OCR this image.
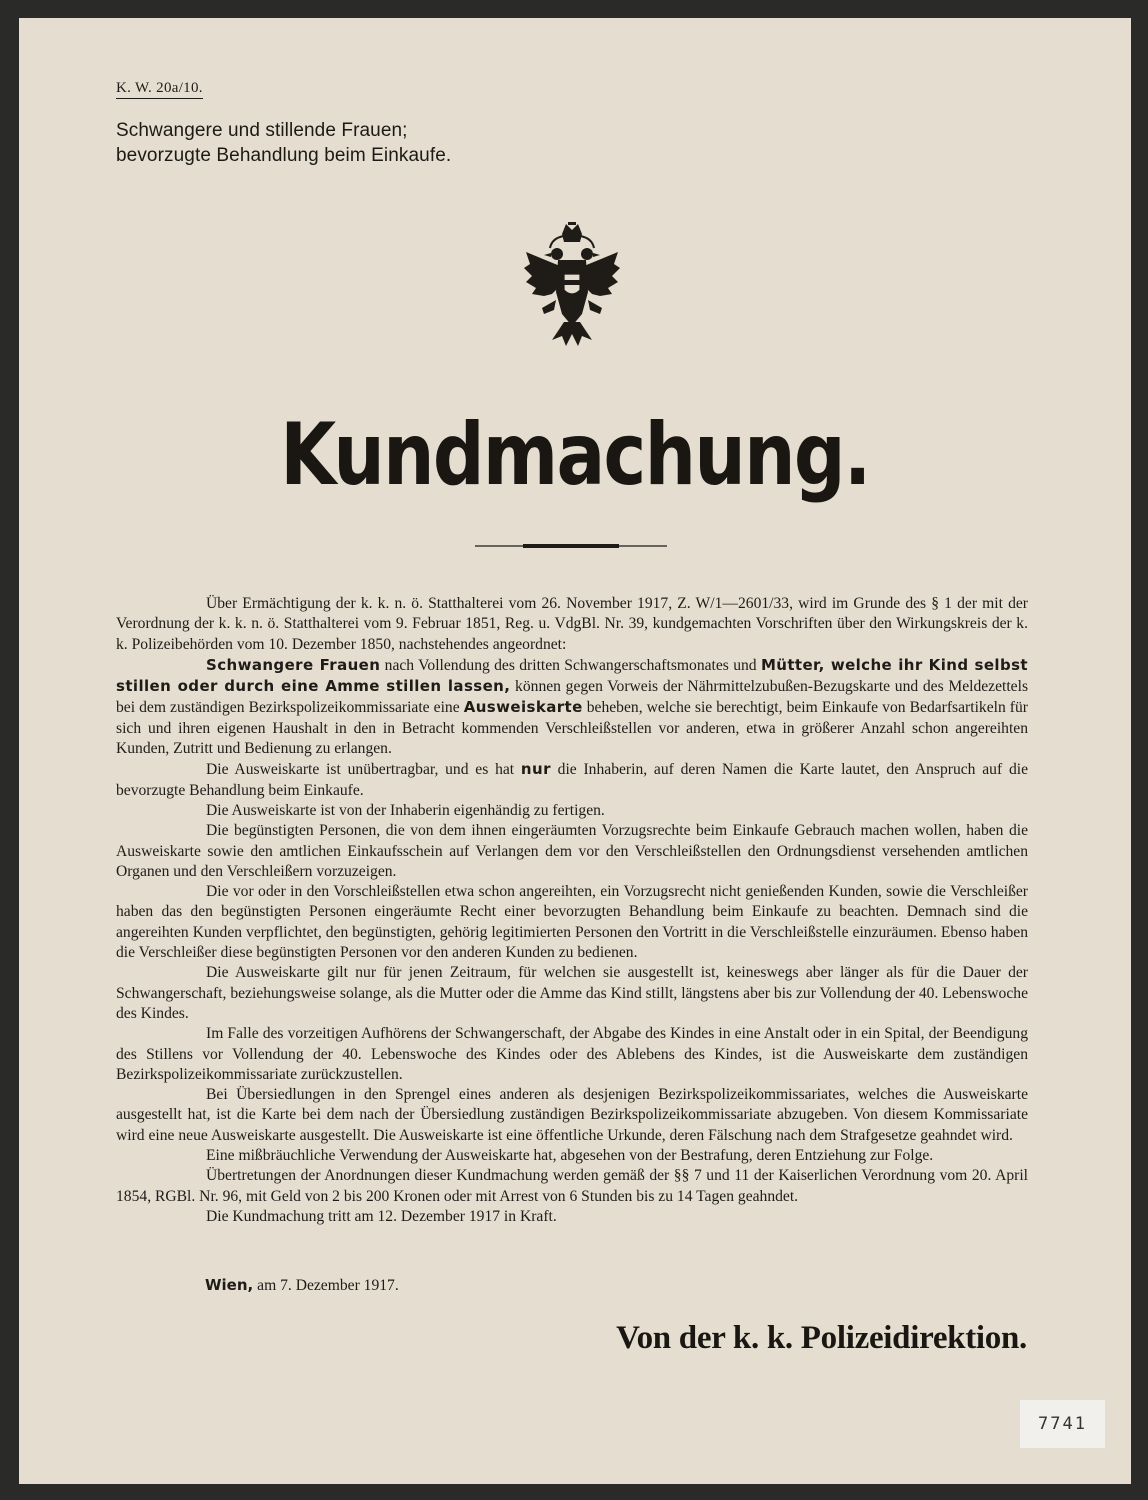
K. W. 20a/10.
Schwangere und stillende Frauen;
bevorzugte Behandlung beim Einkaufe.
Kundmachung.

Über Ermächtigung der k. k. n. ö. Statthalterei vom 26. November 1917, Z. W/1—2601/33, wird im Grunde des § 1 der mit der Verordnung der k. k. n. ö. Statthalterei vom 9. Februar 1851, Reg. u. VdgBl. Nr. 39, kundgemachten Vorschriften über den Wirkungskreis der k. k. Polizeibehörden vom 10. Dezember 1850, nachstehendes angeordnet:

Schwangere Frauen nach Vollendung des dritten Schwangerschaftsmonates und Mütter, welche ihr Kind selbst stillen oder durch eine Amme stillen lassen, können gegen Vorweis der Nährmittelzubußen-Bezugskarte und des Meldezettels bei dem zuständigen Bezirkspolizeikommissariate eine Ausweiskarte beheben, welche sie berechtigt, beim Einkaufe von Bedarfsartikeln für sich und ihren eigenen Haushalt in den in Betracht kommenden Verschleißstellen vor anderen, etwa in größerer Anzahl schon angereihten Kunden, Zutritt und Bedienung zu erlangen.

Die Ausweiskarte ist unübertragbar, und es hat nur die Inhaberin, auf deren Namen die Karte lautet, den Anspruch auf die bevorzugte Behandlung beim Einkaufe.

Die Ausweiskarte ist von der Inhaberin eigenhändig zu fertigen.

Die begünstigten Personen, die von dem ihnen eingeräumten Vorzugsrechte beim Einkaufe Gebrauch machen wollen, haben die Ausweiskarte sowie den amtlichen Einkaufsschein auf Verlangen dem vor den Verschleißstellen den Ordnungsdienst versehenden amtlichen Organen und den Verschleißern vorzuzeigen.

Die vor oder in den Vorschleißstellen etwa schon angereihten, ein Vorzugsrecht nicht genießenden Kunden, sowie die Verschleißer haben das den begünstigten Personen eingeräumte Recht einer bevorzugten Behandlung beim Einkaufe zu beachten. Demnach sind die angereihten Kunden verpflichtet, den begünstigten, gehörig legitimierten Personen den Vortritt in die Verschleißstelle einzuräumen. Ebenso haben die Verschleißer diese begünstigten Personen vor den anderen Kunden zu bedienen.

Die Ausweiskarte gilt nur für jenen Zeitraum, für welchen sie ausgestellt ist, keineswegs aber länger als für die Dauer der Schwangerschaft, beziehungsweise solange, als die Mutter oder die Amme das Kind stillt, längstens aber bis zur Vollendung der 40. Lebenswoche des Kindes.

Im Falle des vorzeitigen Aufhörens der Schwangerschaft, der Abgabe des Kindes in eine Anstalt oder in ein Spital, der Beendigung des Stillens vor Vollendung der 40. Lebenswoche des Kindes oder des Ablebens des Kindes, ist die Ausweiskarte dem zuständigen Bezirkspolizeikommissariate zurückzustellen.

Bei Übersiedlungen in den Sprengel eines anderen als desjenigen Bezirkspolizeikommissariates, welches die Ausweiskarte ausgestellt hat, ist die Karte bei dem nach der Übersiedlung zuständigen Bezirkspolizeikommissariate abzugeben. Von diesem Kommissariate wird eine neue Ausweiskarte ausgestellt. Die Ausweiskarte ist eine öffentliche Urkunde, deren Fälschung nach dem Strafgesetze geahndet wird.

Eine mißbräuchliche Verwendung der Ausweiskarte hat, abgesehen von der Bestrafung, deren Entziehung zur Folge.

Übertretungen der Anordnungen dieser Kundmachung werden gemäß der §§ 7 und 11 der Kaiserlichen Verordnung vom 20. April 1854, RGBl. Nr. 96, mit Geld von 2 bis 200 Kronen oder mit Arrest von 6 Stunden bis zu 14 Tagen geahndet.

Die Kundmachung tritt am 12. Dezember 1917 in Kraft.

Wien, am 7. Dezember 1917.
Von der k. k. Polizeidirektion.
7741
